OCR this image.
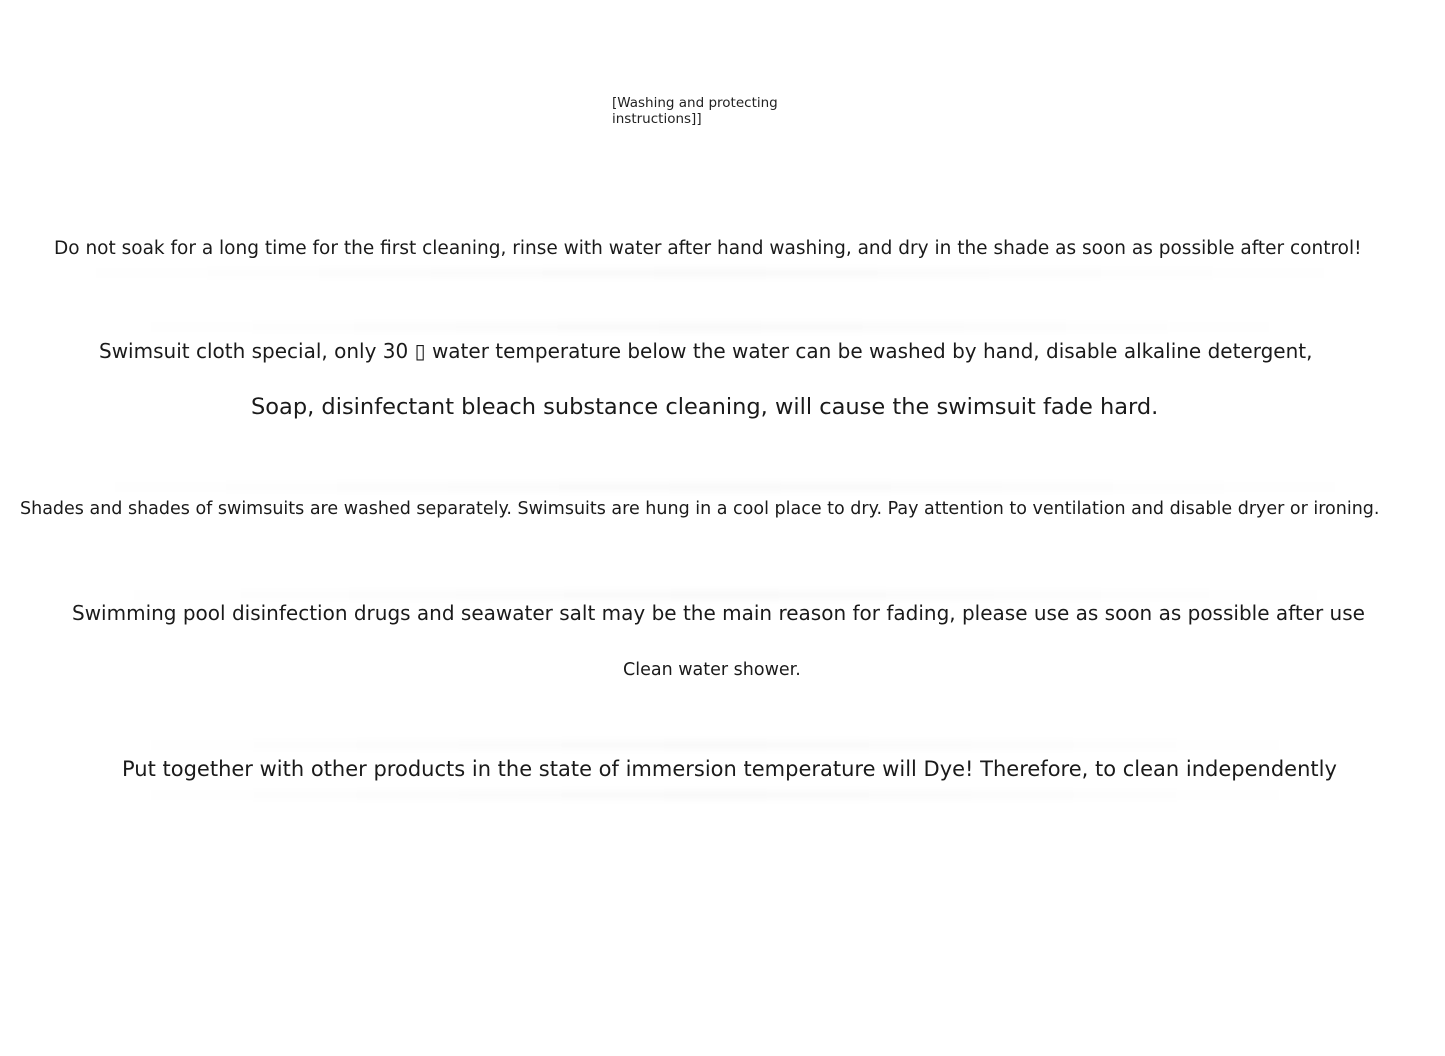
[Washing and protecting instructions]]

Do not soak for a long time for the first cleaning, rinse with water after hand washing, and dry in the shade as soon as possible after control!

Swimsuit cloth special, only 30 ▯ water temperature below the water can be washed by hand, disable alkaline detergent,

Soap, disinfectant bleach substance cleaning, will cause the swimsuit fade hard.

Shades and shades of swimsuits are washed separately. Swimsuits are hung in a cool place to dry. Pay attention to ventilation and disable dryer or ironing.

Swimming pool disinfection drugs and seawater salt may be the main reason for fading, please use as soon as possible after use

Clean water shower.

Put together with other products in the state of immersion temperature will Dye! Therefore, to clean independently
